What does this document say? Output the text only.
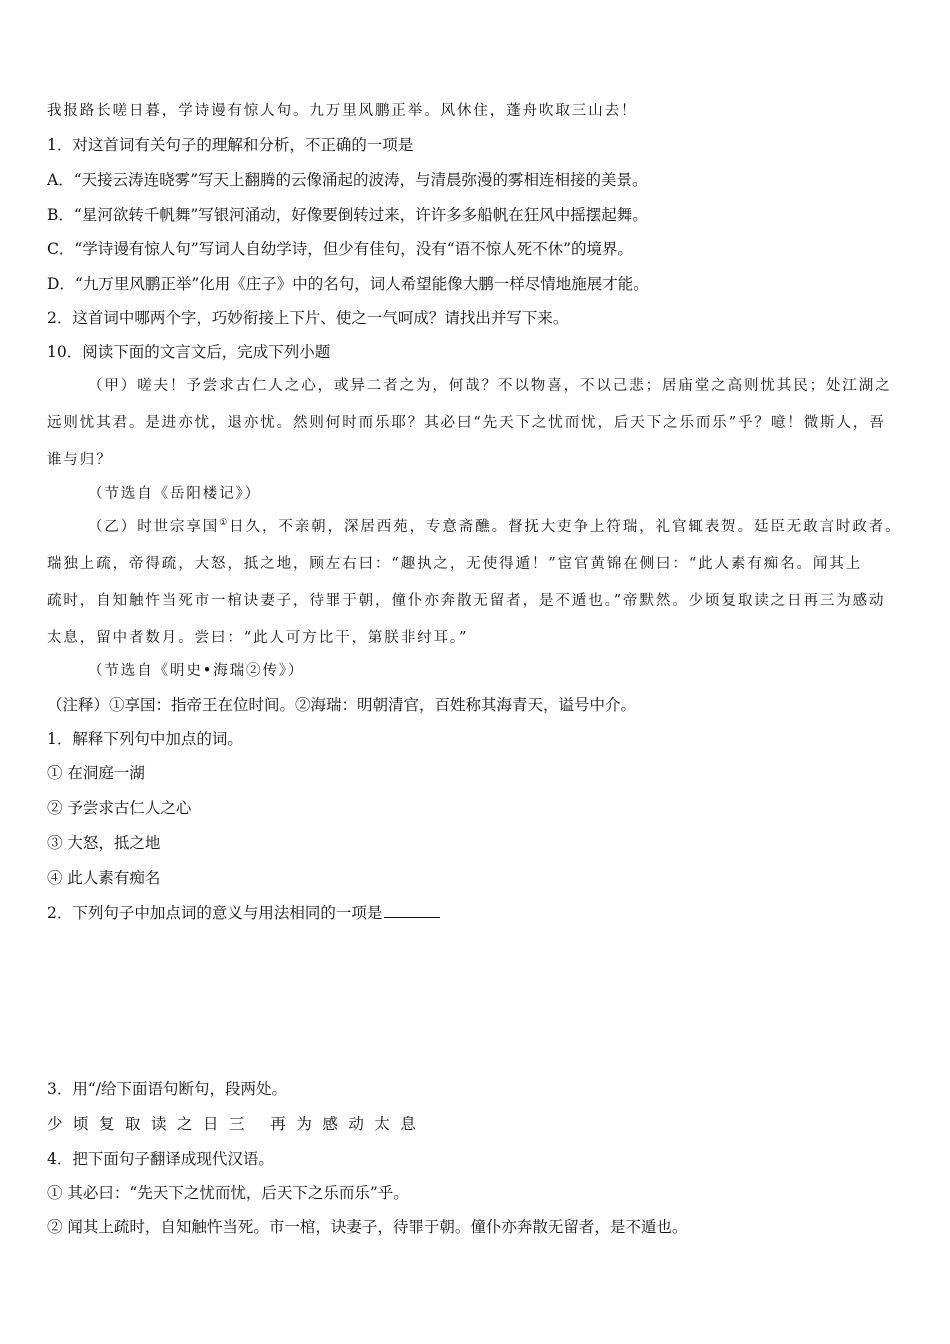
我报路长嗟日暮，学诗谩有惊人句。九万里风鹏正举。风休住，蓬舟吹取三山去！
1．对这首词有关句子的理解和分析，不正确的一项是
A．“天接云涛连晓雾”写天上翻腾的云像涌起的波涛，与清晨弥漫的雾相连相接的美景。
B．“星河欲转千帆舞”写银河涌动，好像要倒转过来，许许多多船帆在狂风中摇摆起舞。
C．“学诗谩有惊人句”写词人自幼学诗，但少有佳句，没有“语不惊人死不休”的境界。
D．“九万里风鹏正举”化用《庄子》中的名句，词人希望能像大鹏一样尽情地施展才能。
2．这首词中哪两个字，巧妙衔接上下片、使之一气呵成？请找出并写下来。
10．阅读下面的文言文后，完成下列小题
（甲）嗟夫！予尝求古仁人之心，或异二者之为，何哉？不以物喜，不以己悲；居庙堂之高则忧其民；处江湖之
远则忧其君。是进亦忧，退亦忧。然则何时而乐耶？其必曰“先天下之忧而忧，后天下之乐而乐”乎？噫！微斯人，吾
谁与归？
（节选自《岳阳楼记》）
（乙）时世宗享国①日久，不亲朝，深居西苑，专意斋醮。督抚大吏争上符瑞，礼官辄表贺。廷臣无敢言时政者。
瑞独上疏，帝得疏，大怒，抵之地，顾左右曰：“趣执之，无使得遁！”宦官黄锦在侧曰：“此人素有痴名。闻其上
疏时，自知触忤当死市一棺诀妻子，待罪于朝，僮仆亦奔散无留者，是不遁也。”帝默然。少顷复取读之日再三为感动
太息，留中者数月。尝曰：“此人可方比干，第朕非纣耳。”
（节选自《明史•海瑞②传》）
（注释）①享国：指帝王在位时间。②海瑞：明朝清官，百姓称其海青天，谥号中介。
1．解释下列句中加点的词。
① 在洞庭一湖
② 予尝求古仁人之心
③ 大怒，抵之地
④ 此人素有痴名
2．下列句子中加点词的意义与用法相同的一项是
3．用“/给下面语句断句，段两处。
少顷复取读之日三 再为感动太息
4．把下面句子翻译成现代汉语。
① 其必曰：“先天下之忧而忧，后天下之乐而乐”乎。
② 闻其上疏时，自知触忤当死。市一棺，诀妻子，待罪于朝。僮仆亦奔散无留者，是不遁也。
